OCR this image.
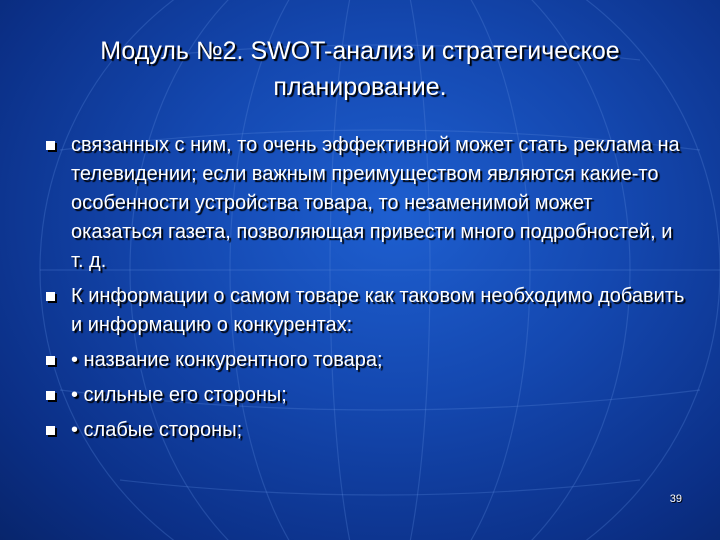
Модуль №2. SWOT-анализ и стратегическое
планирование.
связанных с ним, то очень эффективной может стать реклама на телевидении; если важным преимуществом являются какие-то особенности устройства товара, то незаменимой может оказаться газета, позволяющая привести много подробностей, и т. д.
К информации о самом товаре как таковом необходимо добавить и информацию о конкурентах:
• название конкурентного товара;
• сильные его стороны;
• слабые стороны;
39
